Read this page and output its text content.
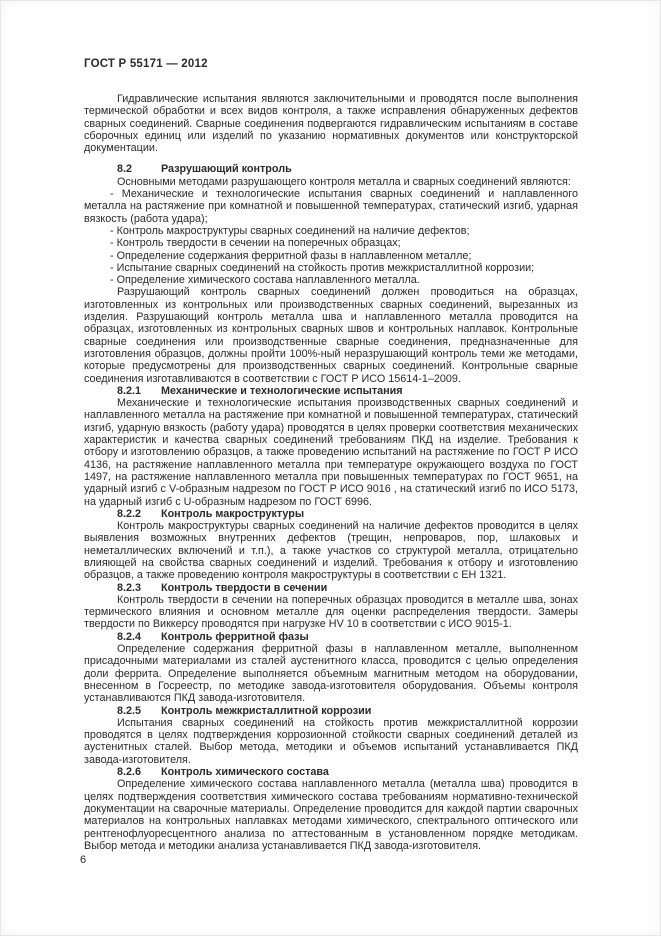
ГОСТ Р 55171 — 2012

Гидравлические испытания являются заключительными и проводятся после выполнения термической обработки и всех видов контроля, а также исправления обнаруженных дефектов сварных соединений. Сварные соединения подвергаются гидравлическим испытаниям в составе сборочных единиц или изделий по указанию нормативных документов или конструкторской документации.

8.2	Разрушающий контроль

Основными методами разрушающего контроля металла и сварных соединений являются:

- Механические и технологические испытания сварных соединений и наплавленного металла на растяжение при комнатной и повышенной температурах, статический изгиб, ударная вязкость (работа удара);

- Контроль макроструктуры сварных соединений на наличие дефектов;

- Контроль твердости в сечении на поперечных образцах;

- Определение содержания ферритной фазы в наплавленном металле;

- Испытание сварных соединений на стойкость против межкристаллитной коррозии;

- Определение химического состава наплавленного металла.

Разрушающий контроль сварных соединений должен проводиться на образцах, изготовленных из контрольных или производственных сварных соединений, вырезанных из изделия. Разрушающий контроль металла шва и наплавленного металла проводится на образцах, изготовленных из контрольных сварных швов и контрольных наплавок. Контрольные сварные соединения или производственные сварные соединения, предназначенные для изготовления образцов, должны пройти 100%-ный неразрушающий контроль теми же методами, которые предусмотрены для производственных сварных соединений. Контрольные сварные соединения изготавливаются в соответствии с ГОСТ Р ИСО 15614-1–2009.

8.2.1 Механические и технологические испытания

Механические и технологические испытания производственных сварных соединений и наплавленного металла на растяжение при комнатной и повышенной температурах, статический изгиб, ударную вязкость (работу удара) проводятся в целях проверки соответствия механических характеристик и качества сварных соединений требованиям ПКД на изделие. Требования к отбору и изготовлению образцов, а также проведению испытаний на растяжение по ГОСТ Р ИСО 4136, на растяжение наплавленного металла при температуре окружающего воздуха по ГОСТ 1497, на растяжение наплавленного металла при повышенных температурах по ГОСТ 9651, на ударный изгиб с V-образным надрезом по ГОСТ Р ИСО 9016 , на статический изгиб по ИСО 5173, на ударный изгиб с U-образным надрезом по ГОСТ 6996.

8.2.2 Контроль макроструктуры

Контроль макроструктуры сварных соединений на наличие дефектов проводится в целях выявления возможных внутренних дефектов (трещин, непроваров, пор, шлаковых и неметаллических включений и т.п.), а также участков со структурой металла, отрицательно влияющей на свойства сварных соединений и изделий. Требования к отбору и изготовлению образцов, а также проведению контроля макроструктуры в соответствии с ЕН 1321.

8.2.3 Контроль твердости в сечении

Контроль твердости в сечении на поперечных образцах проводится в металле шва, зонах термического влияния и основном металле для оценки распределения твердости. Замеры твердости по Виккерсу проводятся при нагрузке HV 10 в соответствии с ИСО 9015-1.

8.2.4 Контроль ферритной фазы

Определение содержания ферритной фазы в наплавленном металле, выполненном присадочными материалами из сталей аустенитного класса, проводится с целью определения доли феррита. Определение выполняется объемным магнитным методом на оборудовании, внесенном в Госреестр, по методике завода-изготовителя оборудования. Объемы контроля устанавливаются ПКД завода-изготовителя.

8.2.5 Контроль межкристаллитной коррозии

Испытания сварных соединений на стойкость против межкристаллитной коррозии проводятся в целях подтверждения коррозионной стойкости сварных соединений деталей из аустенитных сталей. Выбор метода, методики и объемов испытаний устанавливается ПКД завода-изготовителя.

8.2.6 Контроль химического состава

Определение химического состава наплавленного металла (металла шва) проводится в целях подтверждения соответствия химического состава требованиям нормативно-технической документации на сварочные материалы. Определение проводится для каждой партии сварочных материалов на контрольных наплавках методами химического, спектрального оптического или рентгенофлуоресцентного анализа по аттестованным в установленном порядке методикам. Выбор метода и методики анализа устанавливается ПКД завода-изготовителя.

6
